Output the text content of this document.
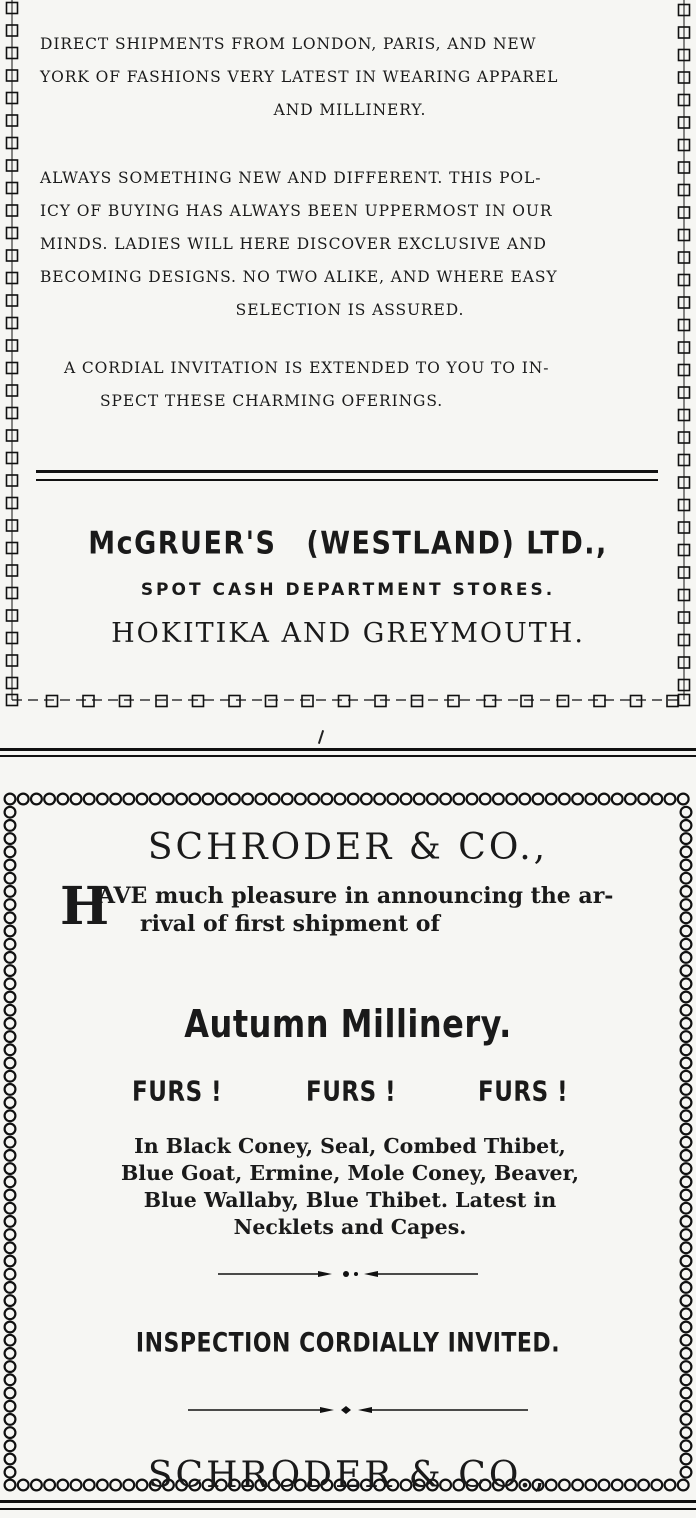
DIRECT SHIPMENTS FROM LONDON, PARIS, AND NEW
YORK OF FASHIONS VERY LATEST IN WEARING APPAREL
AND MILLINERY.
ALWAYS SOMETHING NEW AND DIFFERENT. THIS POL-
ICY OF BUYING HAS ALWAYS BEEN UPPERMOST IN OUR
MINDS. LADIES WILL HERE DISCOVER EXCLUSIVE AND
BECOMING DESIGNS. NO TWO ALIKE, AND WHERE EASY
SELECTION IS ASSURED.
A CORDIAL INVITATION IS EXTENDED TO YOU TO IN-
SPECT THESE CHARMING OFERINGS.
McGRUER'S (WESTLAND) LTD.,
SPOT CASH DEPARTMENT STORES.
HOKITIKA AND GREYMOUTH.
SCHRODER & CO.,
H
AVE much pleasure in announcing the ar-
rival of first shipment of
Autumn Millinery.
FURS !	FURS !	FURS !
In Black Coney, Seal, Combed Thibet,
Blue Goat, Ermine, Mole Coney, Beaver,
Blue Wallaby, Blue Thibet. Latest in
Necklets and Capes.
INSPECTION CORDIALLY INVITED.
SCHRODER & CO.,
